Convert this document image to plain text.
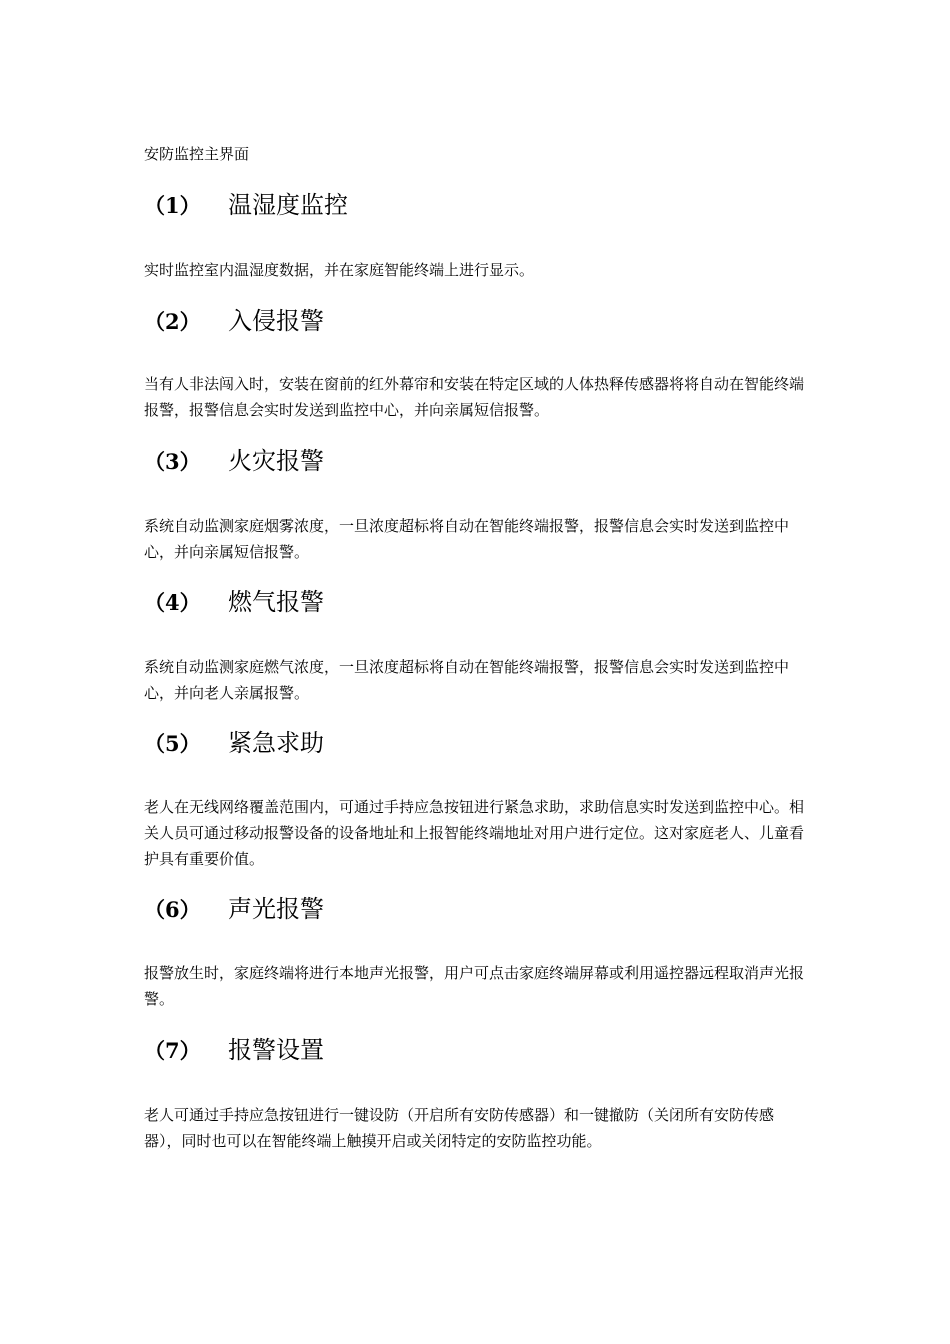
安防监控主界面
（1） 温湿度监控
实时监控室内温湿度数据，并在家庭智能终端上进行显示。
（2） 入侵报警
当有人非法闯入时，安装在窗前的红外幕帘和安装在特定区域的人体热释传感器将将自动在智能终端报警，报警信息会实时发送到监控中心，并向亲属短信报警。
（3） 火灾报警
系统自动监测家庭烟雾浓度，一旦浓度超标将自动在智能终端报警，报警信息会实时发送到监控中心，并向亲属短信报警。
（4） 燃气报警
系统自动监测家庭燃气浓度，一旦浓度超标将自动在智能终端报警，报警信息会实时发送到监控中心，并向老人亲属报警。
（5） 紧急求助
老人在无线网络覆盖范围内，可通过手持应急按钮进行紧急求助，求助信息实时发送到监控中心。相关人员可通过移动报警设备的设备地址和上报智能终端地址对用户进行定位。这对家庭老人、儿童看护具有重要价值。
（6） 声光报警
报警放生时，家庭终端将进行本地声光报警，用户可点击家庭终端屏幕或利用遥控器远程取消声光报警。
（7） 报警设置
老人可通过手持应急按钮进行一键设防（开启所有安防传感器）和一键撤防（关闭所有安防传感器），同时也可以在智能终端上触摸开启或关闭特定的安防监控功能。
